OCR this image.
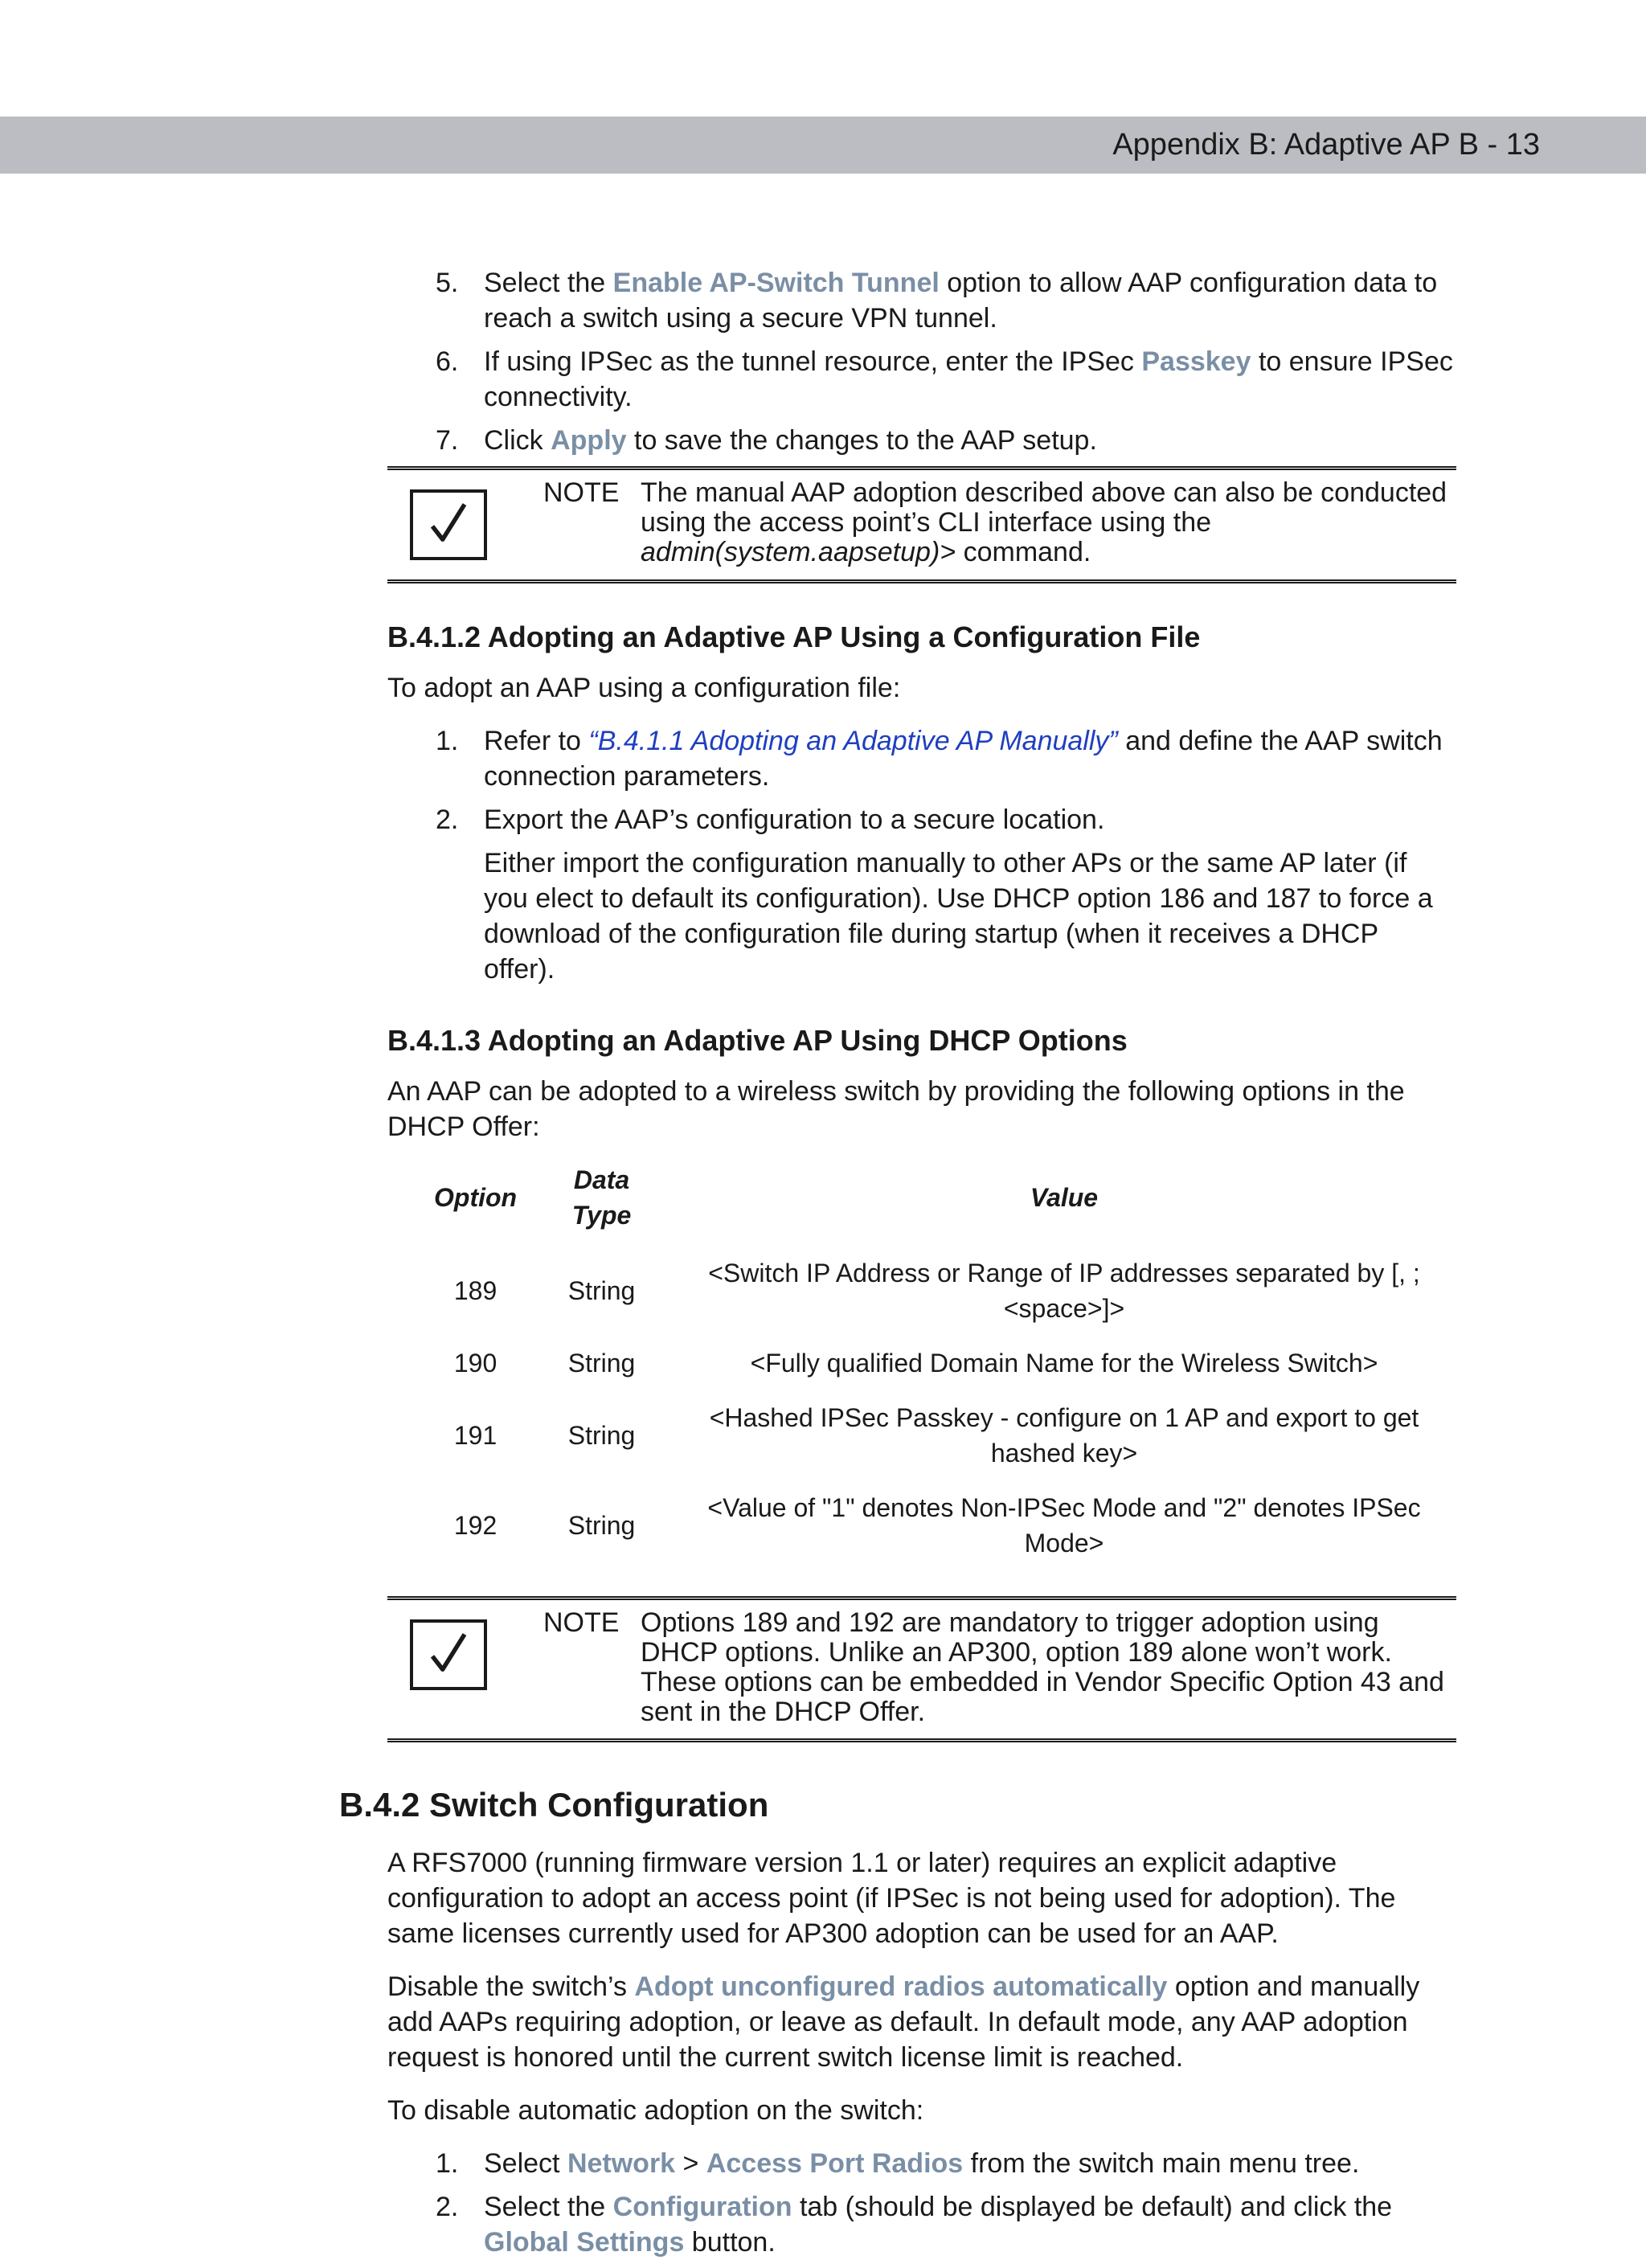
Appendix B: Adaptive AP B - 13
5. Select the Enable AP-Switch Tunnel option to allow AAP configuration data to reach a switch using a secure VPN tunnel.
6. If using IPSec as the tunnel resource, enter the IPSec Passkey to ensure IPSec connectivity.
7. Click Apply to save the changes to the AAP setup.
NOTE The manual AAP adoption described above can also be conducted using the access point’s CLI interface using the admin(system.aapsetup)> command.
B.4.1.2 Adopting an Adaptive AP Using a Configuration File
To adopt an AAP using a configuration file:
1. Refer to “B.4.1.1 Adopting an Adaptive AP Manually” and define the AAP switch connection parameters.
2. Export the AAP’s configuration to a secure location.
Either import the configuration manually to other APs or the same AP later (if you elect to default its configuration). Use DHCP option 186 and 187 to force a download of the configuration file during startup (when it receives a DHCP offer).
B.4.1.3 Adopting an Adaptive AP Using DHCP Options
An AAP can be adopted to a wireless switch by providing the following options in the DHCP Offer:
Option	Data Type	Value
189	String	<Switch IP Address or Range of IP addresses separated by [, ; <space>]>
190	String	<Fully qualified Domain Name for the Wireless Switch>
191	String	<Hashed IPSec Passkey - configure on 1 AP and export to get hashed key>
192	String	<Value of "1" denotes Non-IPSec Mode and "2" denotes IPSec Mode>
NOTE Options 189 and 192 are mandatory to trigger adoption using DHCP options. Unlike an AP300, option 189 alone won’t work. These options can be embedded in Vendor Specific Option 43 and sent in the DHCP Offer.
B.4.2 Switch Configuration
A RFS7000 (running firmware version 1.1 or later) requires an explicit adaptive configuration to adopt an access point (if IPSec is not being used for adoption). The same licenses currently used for AP300 adoption can be used for an AAP.
Disable the switch’s Adopt unconfigured radios automatically option and manually add AAPs requiring adoption, or leave as default. In default mode, any AAP adoption request is honored until the current switch license limit is reached.
To disable automatic adoption on the switch:
1. Select Network > Access Port Radios from the switch main menu tree.
2. Select the Configuration tab (should be displayed be default) and click the Global Settings button.
